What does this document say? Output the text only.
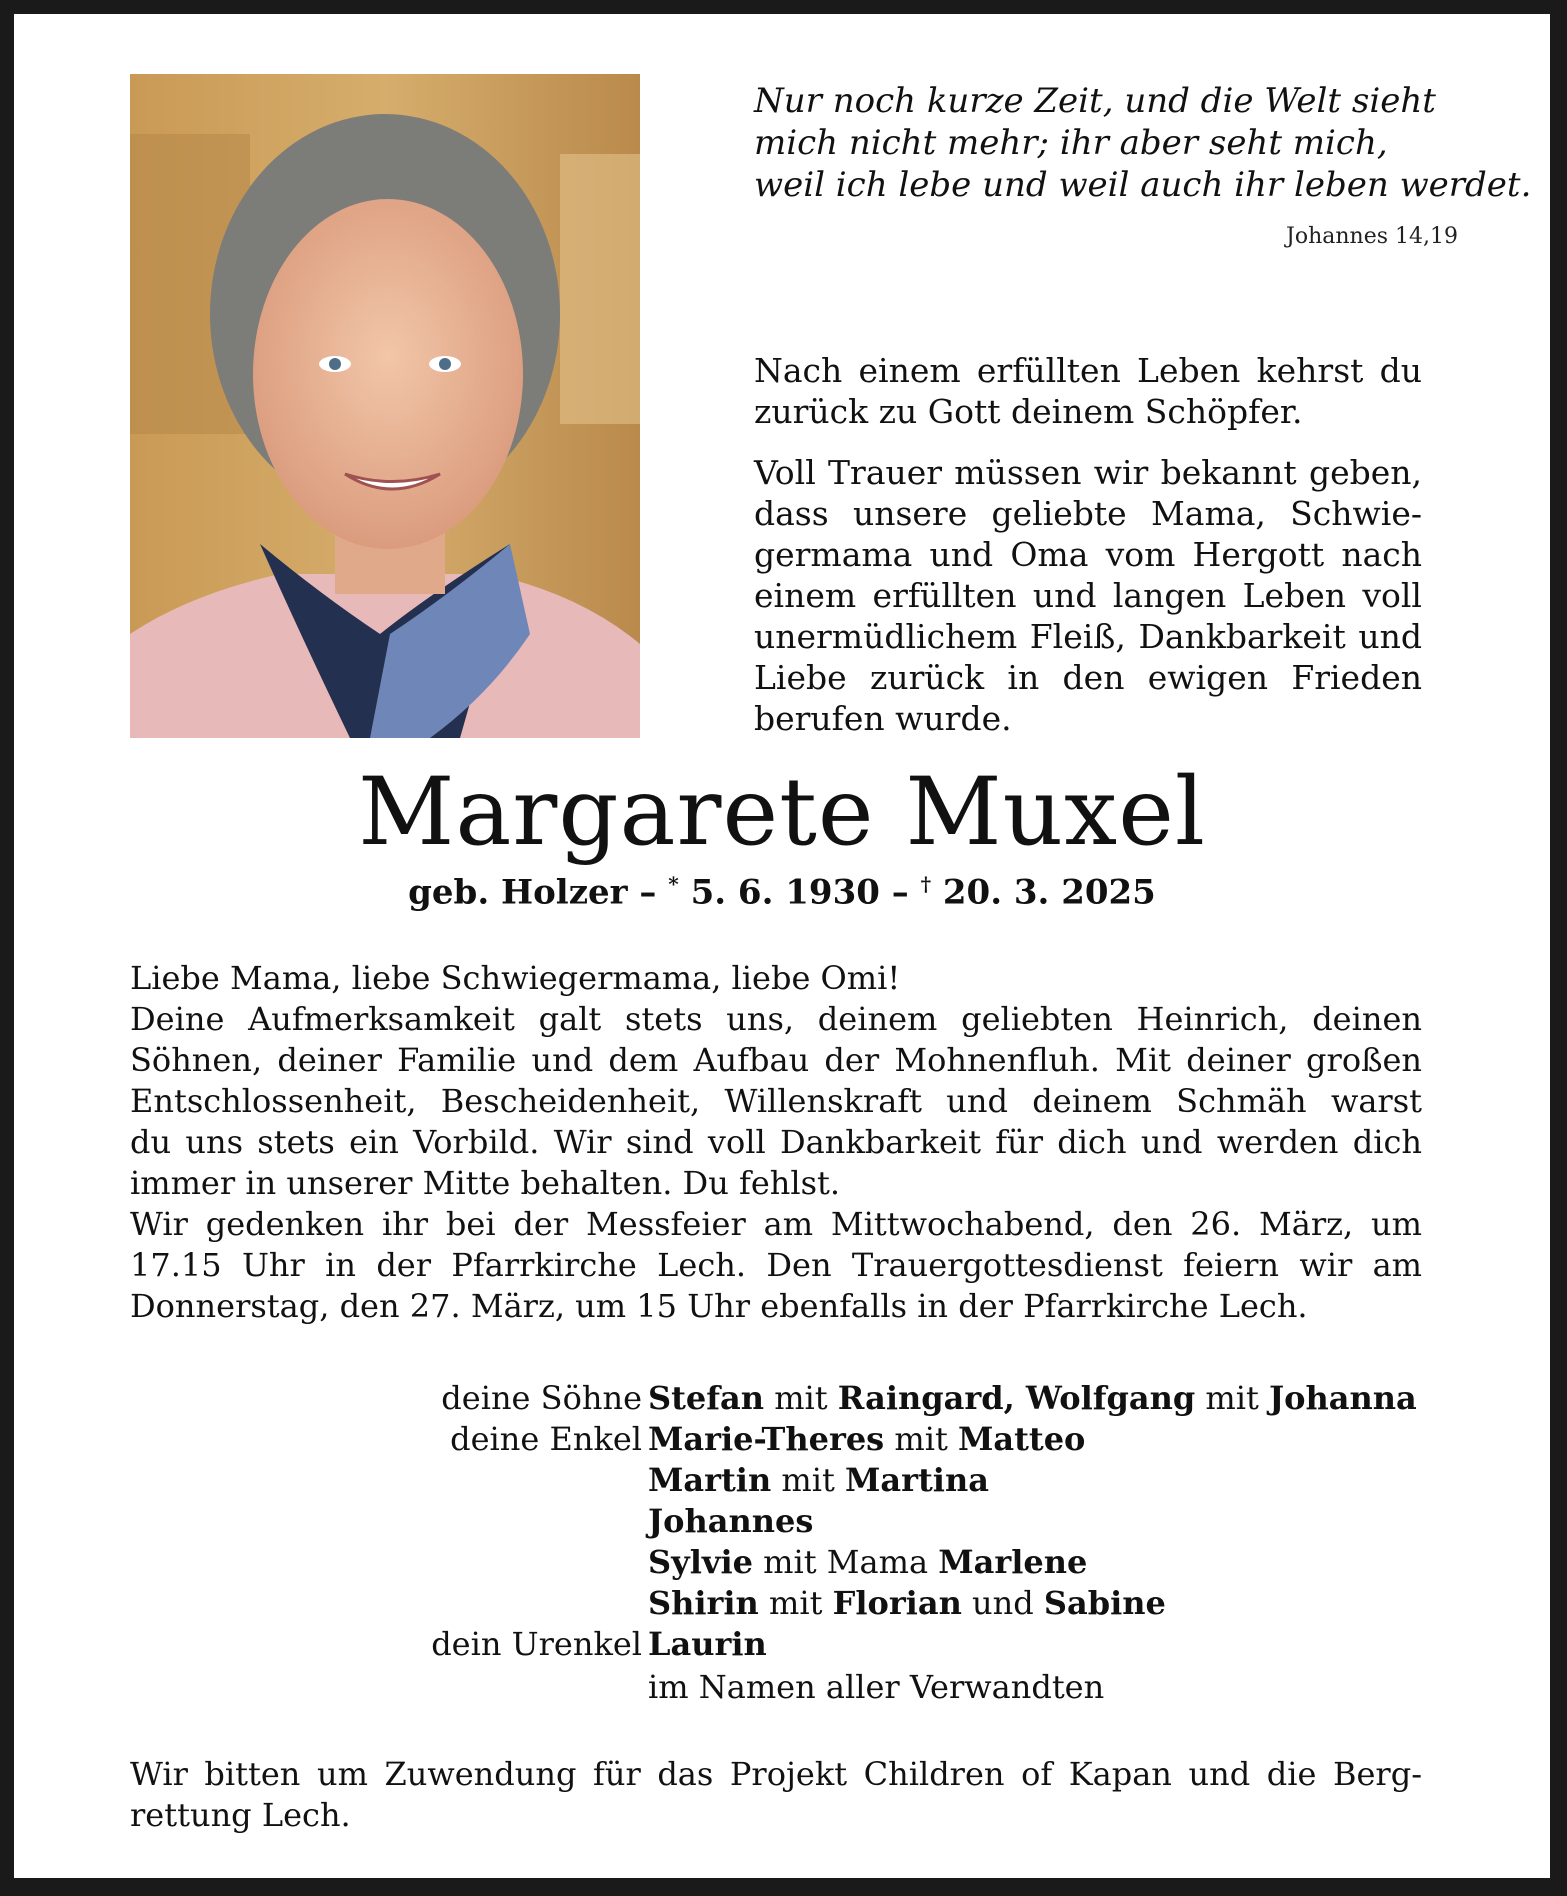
Nur noch kurze Zeit, und die Welt sieht
mich nicht mehr; ihr aber seht mich,
weil ich lebe und weil auch ihr leben werdet.
Johannes 14,19

Nach einem erfüllten Leben kehrst du zurück zu Gott deinem Schöpfer.

Voll Trauer müssen wir bekannt geben, dass unsere geliebte Mama, Schwiegermama und Oma vom Hergott nach einem erfüllten und langen Leben voll unermüdlichem Fleiß, Dankbarkeit und Liebe zurück in den ewigen Frieden berufen wurde.

Margarete Muxel
geb. Holzer – * 5. 6. 1930 – † 20. 3. 2025
Liebe Mama, liebe Schwiegermama, liebe Omi!
Deine Aufmerksamkeit galt stets uns, deinem geliebten Heinrich, deinen
Söhnen, deiner Familie und dem Aufbau der Mohnenfluh. Mit deiner großen
Entschlossenheit, Bescheidenheit, Willenskraft und deinem Schmäh warst
du uns stets ein Vorbild. Wir sind voll Dankbarkeit für dich und werden dich
immer in unserer Mitte behalten. Du fehlst.
Wir gedenken ihr bei der Messfeier am Mittwochabend, den 26. März, um
17.15 Uhr in der Pfarrkirche Lech. Den Trauergottesdienst feiern wir am
Donnerstag, den 27. März, um 15 Uhr ebenfalls in der Pfarrkirche Lech.
deine Söhne Stefan mit Raingard, Wolfgang mit Johanna
deine Enkel Marie-Theres mit Matteo
Martin mit Martina
Johannes
Sylvie mit Mama Marlene
Shirin mit Florian und Sabine
dein Urenkel Laurin
im Namen aller Verwandten
Wir bitten um Zuwendung für das Projekt Children of Kapan und die Berg-
rettung Lech.
